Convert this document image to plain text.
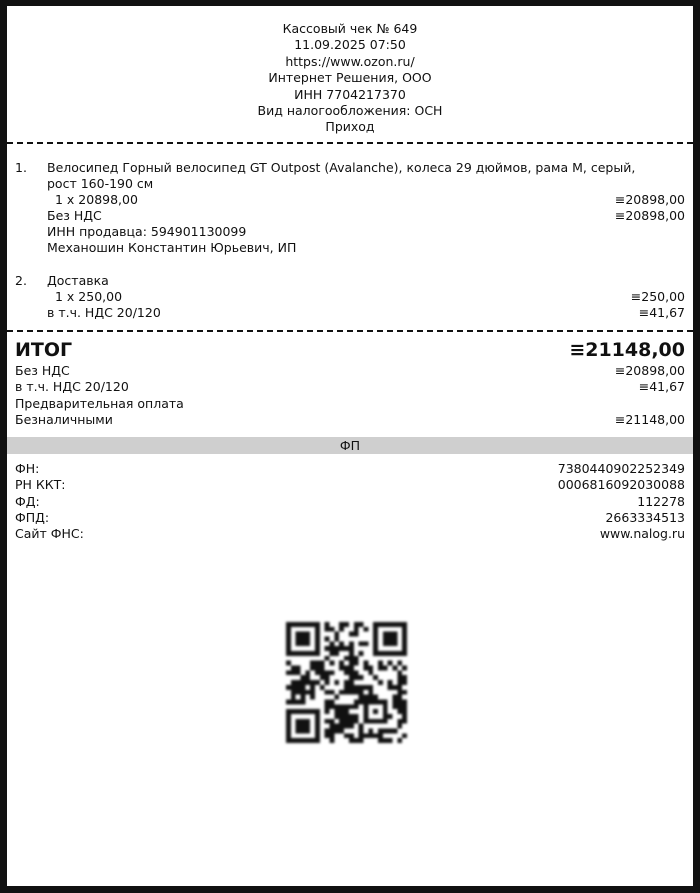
Кассовый чек № 649
11.09.2025 07:50
https://www.ozon.ru/
Интернет Решения, ООО
ИНН 7704217370
Вид налогообложения: ОСН
Приход
1. Велосипед Горный велосипед GT Outpost (Avalanche), колеса 29 дюймов, рама M, серый,
рост 160-190 см
1 x 20898,00	≡20898,00
Без НДС	≡20898,00
ИНН продавца: 594901130099
Механошин Константин Юрьевич, ИП
2. Доставка
1 x 250,00	≡250,00
в т.ч. НДС 20/120	≡41,67
ИТОГ	≡21148,00
Без НДС	≡20898,00
в т.ч. НДС 20/120	≡41,67
Предварительная оплата
Безналичными	≡21148,00
ФП
ФН:	7380440902252349
РН ККТ:	0006816092030088
ФД:	112278
ФПД:	2663334513
Сайт ФНС:	www.nalog.ru
